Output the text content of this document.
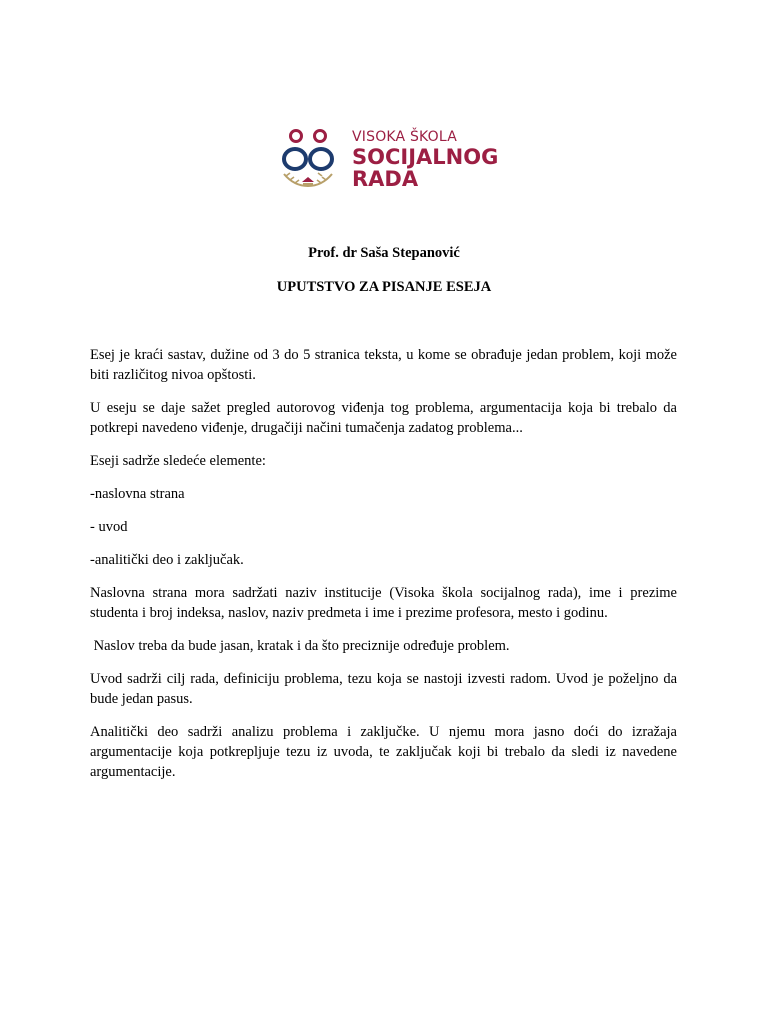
VISOKA ŠKOLA
SOCIJALNOG
RADA
Prof. dr Saša Stepanović
UPUTSTVO ZA PISANJE ESEJA

Esej je kraći sastav, dužine od 3 do 5 stranica teksta, u kome se obrađuje jedan problem, koji može biti različitog nivoa opštosti.

U eseju se daje sažet pregled autorovog viđenja tog problema, argumentacija koja bi trebalo da potkrepi navedeno viđenje, drugačiji načini tumačenja zadatog problema...

Eseji sadrže sledeće elemente:

-naslovna strana

- uvod

-analitički deo i zaključak.

Naslovna strana mora sadržati naziv institucije (Visoka škola socijalnog rada), ime i prezime studenta i broj indeksa, naslov, naziv predmeta i ime i prezime profesora, mesto i godinu.

Naslov treba da bude jasan, kratak i da što preciznije određuje problem.

Uvod sadrži cilj rada, definiciju problema, tezu koja se nastoji izvesti radom. Uvod je poželjno da bude jedan pasus.

Analitički deo sadrži analizu problema i zaključke. U njemu mora jasno doći do izražaja argumentacije koja potkrepljuje tezu iz uvoda, te zaključak koji bi trebalo da sledi iz navedene argumentacije.
